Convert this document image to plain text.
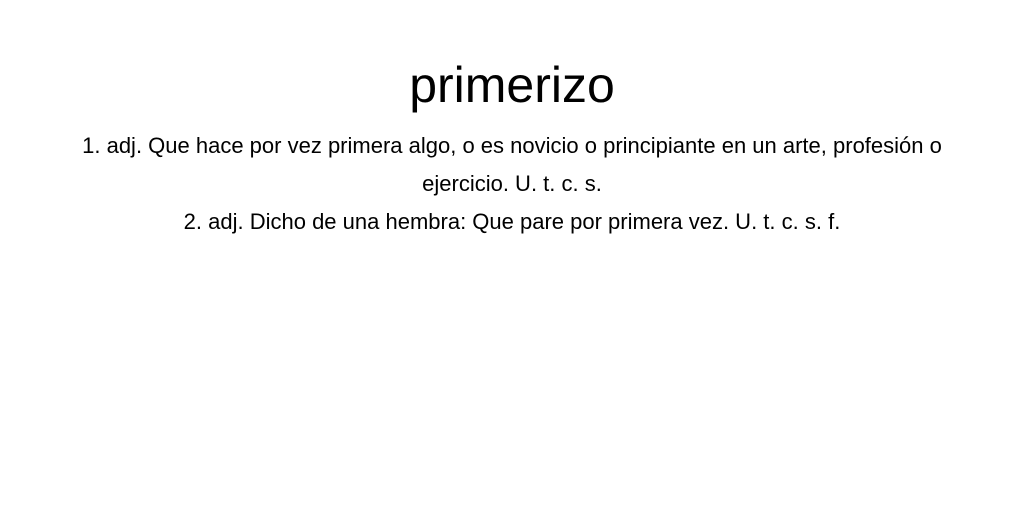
primerizo
1. adj. Que hace por vez primera algo, o es novicio o principiante en un arte, profesión o ejercicio. U. t. c. s.
2. adj. Dicho de una hembra: Que pare por primera vez. U. t. c. s. f.
